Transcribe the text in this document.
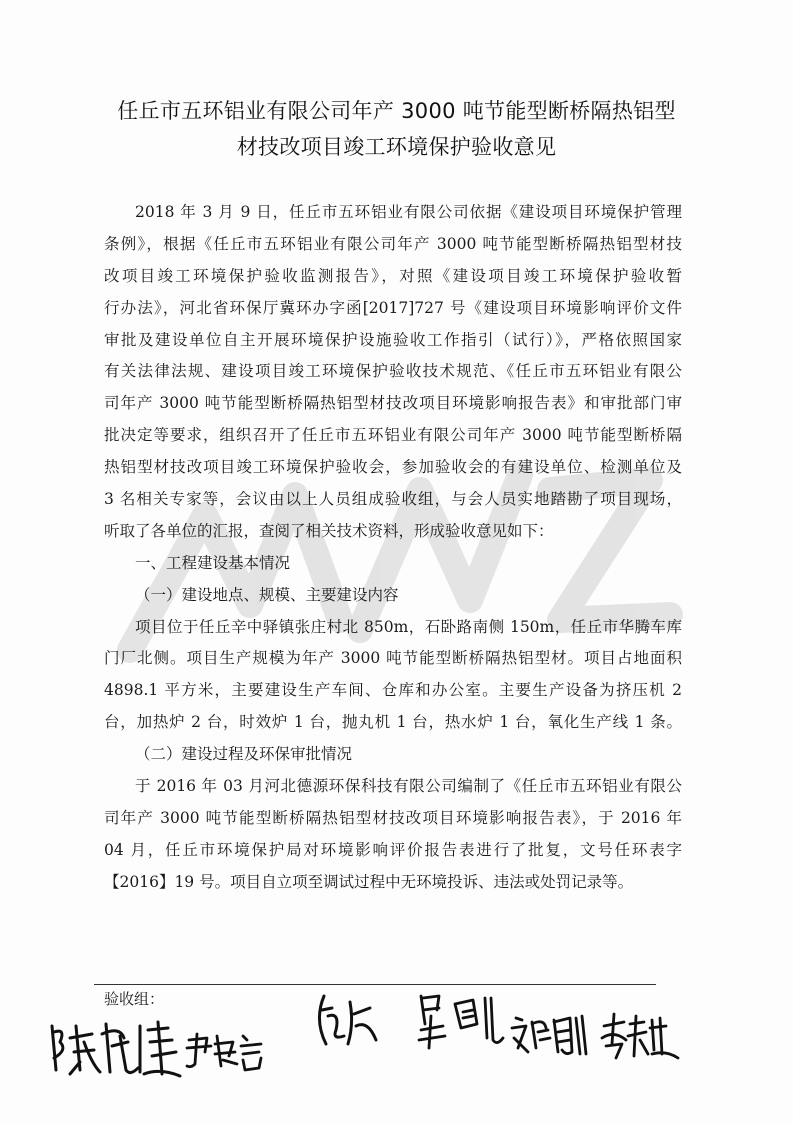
任丘市五环铝业有限公司年产 3000 吨节能型断桥隔热铝型
材技改项目竣工环境保护验收意见
2018 年 3 月 9 日，任丘市五环铝业有限公司依据《建设项目环境保护管理
条例》，根据《任丘市五环铝业有限公司年产 3000 吨节能型断桥隔热铝型材技
改项目竣工环境保护验收监测报告》，对照《建设项目竣工环境保护验收暂
行办法》，河北省环保厅冀环办字函[2017]727 号《建设项目环境影响评价文件
审批及建设单位自主开展环境保护设施验收工作指引（试行）》，严格依照国家
有关法律法规、建设项目竣工环境保护验收技术规范、《任丘市五环铝业有限公
司年产 3000 吨节能型断桥隔热铝型材技改项目环境影响报告表》和审批部门审
批决定等要求，组织召开了任丘市五环铝业有限公司年产 3000 吨节能型断桥隔
热铝型材技改项目竣工环境保护验收会，参加验收会的有建设单位、检测单位及
3 名相关专家等，会议由以上人员组成验收组，与会人员实地踏勘了项目现场，
听取了各单位的汇报，查阅了相关技术资料，形成验收意见如下：
一、工程建设基本情况
（一）建设地点、规模、主要建设内容
项目位于任丘辛中驿镇张庄村北 850m，石卧路南侧 150m，任丘市华腾车库
门厂北侧。项目生产规模为年产 3000 吨节能型断桥隔热铝型材。项目占地面积
4898.1 平方米，主要建设生产车间、仓库和办公室。主要生产设备为挤压机 2
台，加热炉 2 台，时效炉 1 台，抛丸机 1 台，热水炉 1 台，氧化生产线 1 条。
（二）建设过程及环保审批情况
于 2016 年 03 月河北德源环保科技有限公司编制了《任丘市五环铝业有限公
司年产 3000 吨节能型断桥隔热铝型材技改项目环境影响报告表》，于 2016 年
04 月，任丘市环境保护局对环境影响评价报告表进行了批复，文号任环表字
【2016】19 号。项目自立项至调试过程中无环境投诉、违法或处罚记录等。
验收组：
